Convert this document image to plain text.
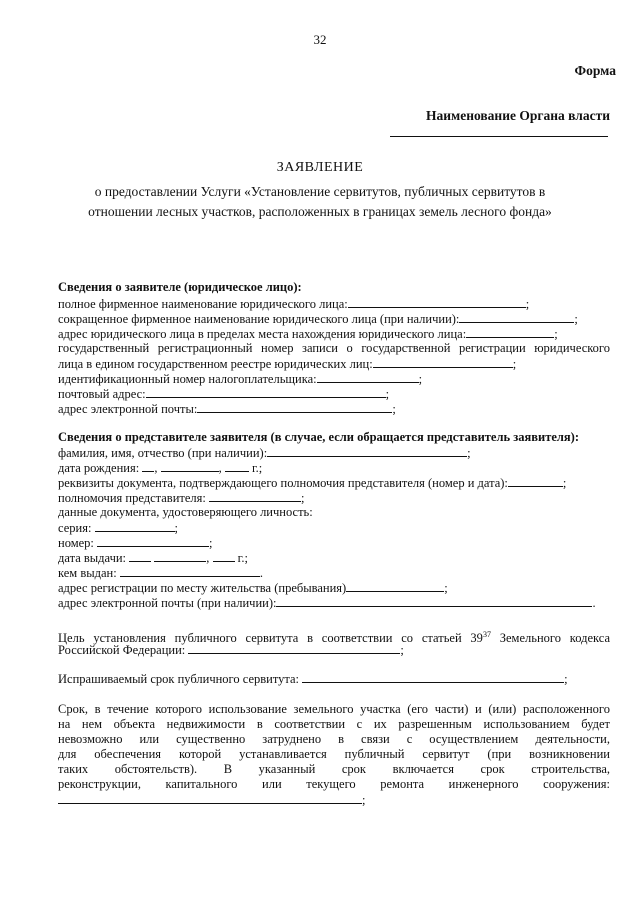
32
Форма
Наименование Органа власти
ЗАЯВЛЕНИЕ
о предоставлении Услуги «Установление сервитутов, публичных сервитутов в отношении лесных участков, расположенных в границах земель лесного фонда»
Сведения о заявителе (юридическое лицо):
полное фирменное наименование юридического лица:	;
сокращенное фирменное наименование юридического лица (при наличии):	;
адрес юридического лица в пределах места нахождения юридического лица:	;
государственный регистрационный номер записи о государственной регистрации юридического
лица в едином государственном реестре юридических лиц:	;
идентификационный номер налогоплательщика:	;
почтовый адрес:	;
адрес электронной почты:	;
Сведения о представителе заявителя (в случае, если обращается представитель заявителя):
фамилия, имя, отчество (при наличии):	;
дата рождения: ,	, г.;
реквизиты документа, подтверждающего полномочия представителя (номер и дата):	;
полномочия представителя:	;
данные документа, удостоверяющего личность:
серия:	;
номер:	;
дата выдачи:	, г.;
кем выдан:	.
адрес регистрации по месту жительства (пребывания)	;
адрес электронной почты (при наличии):	.
Цель установления публичного сервитута в соответствии со статьей $39^{37}$ Земельного кодекса
Российской Федерации:	;
Испрашиваемый срок публичного сервитута:	;
Срок, в течение которого использование земельного участка (его части) и (или) расположенного
на нем объекта недвижимости в соответствии с их разрешенным использованием будет
невозможно или существенно затруднено в связи с осуществлением деятельности,
для обеспечения которой устанавливается публичный сервитут (при возникновении
таких обстоятельств). В указанный срок включается срок строительства,
реконструкции, капитального или текущего ремонта инженерного сооружения:
;
